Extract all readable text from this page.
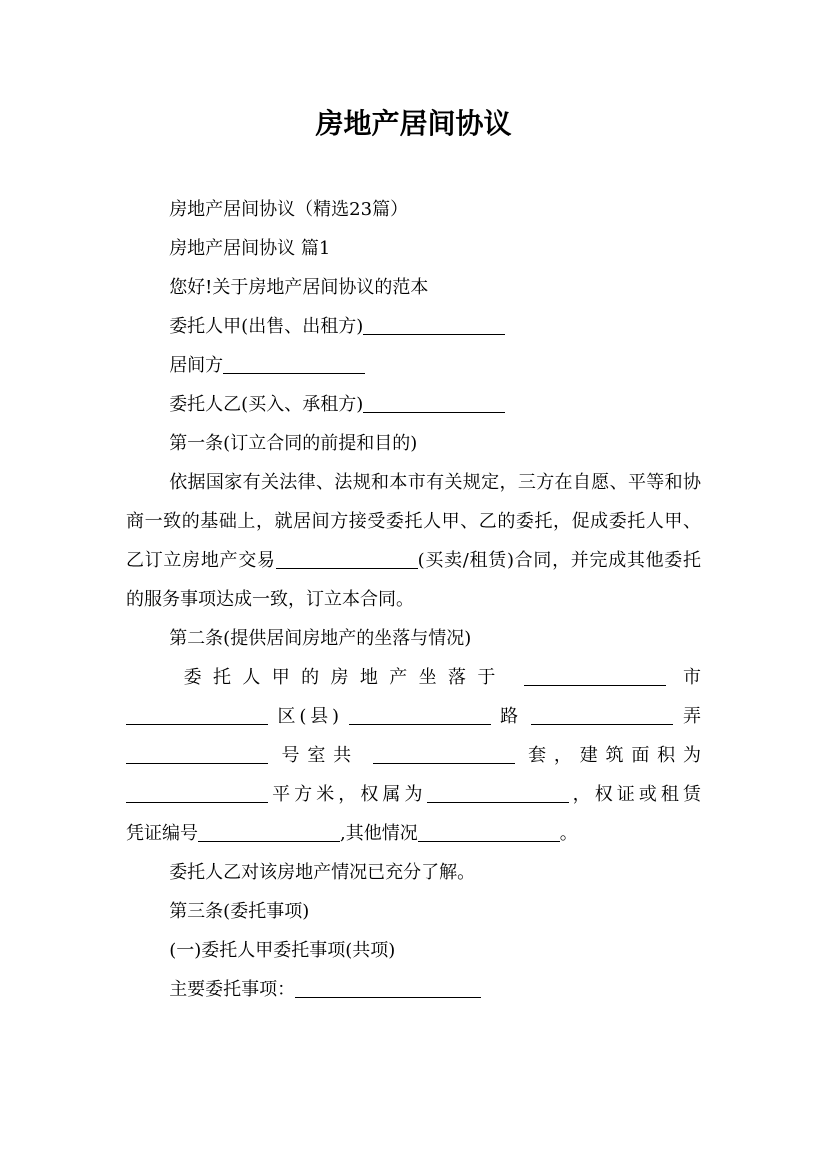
房地产居间协议

房地产居间协议（精选23篇）

房地产居间协议 篇1

您好!关于房地产居间协议的范本

委托人甲(出售、出租方)

居间方

委托人乙(买入、承租方)

第一条(订立合同的前提和目的)

依据国家有关法律、法规和本市有关规定，三方在自愿、平等和协商一致的基础上，就居间方接受委托人甲、乙的委托，促成委托人甲、乙订立房地产交易	(买卖/租赁)合同，并完成其他委托的服务事项达成一致，订立本合同。

第二条(提供居间房地产的坐落与情况)

委托人甲的房地产坐落于	市

区(县)	路	弄

号室共	套，建筑面积为

平方米，权属为	，权证或租赁

凭证编号	,其他情况	。

委托人乙对该房地产情况已充分了解。

第三条(委托事项)

(一)委托人甲委托事项(共项)

主要委托事项：
